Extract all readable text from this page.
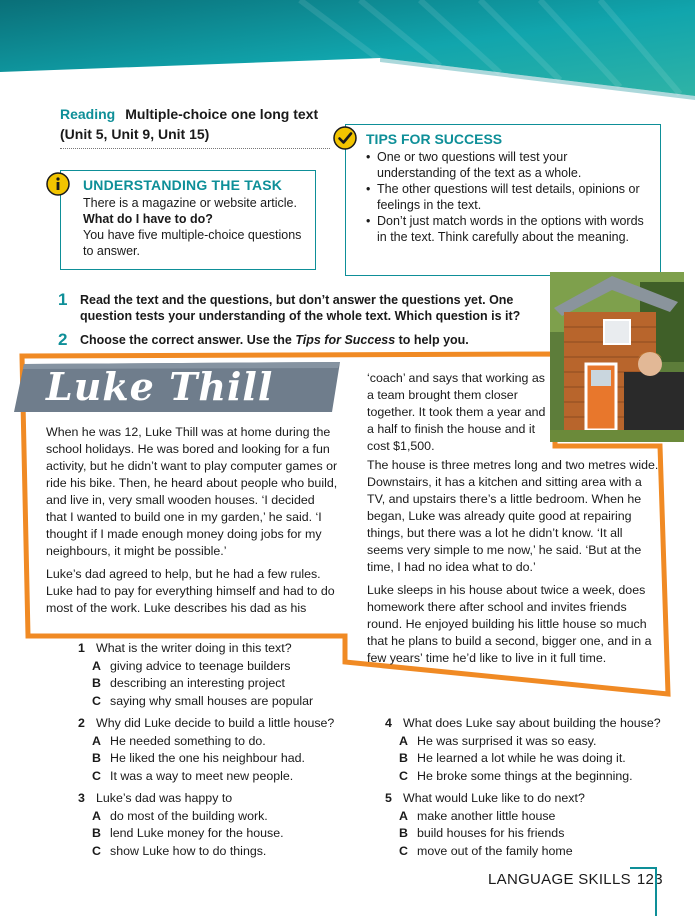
Reading Multiple-choice one long text
(Unit 5, Unit 9, Unit 15)
UNDERSTANDING THE TASK
There is a magazine or website article.
What do I have to do?
You have five multiple-choice questions to answer.
TIPS FOR SUCCESS
• One or two questions will test your understanding of the text as a whole.
• The other questions will test details, opinions or feelings in the text.
• Don’t just match words in the options with words in the text. Think carefully about the meaning.
1	Read the text and the questions, but don’t answer the questions yet. One question tests your understanding of the whole text. Which question is it?
2	Choose the correct answer. Use the Tips for Success to help you.
Luke Thill

When he was 12, Luke Thill was at home during the school holidays. He was bored and looking for a fun activity, but he didn’t want to play computer games or ride his bike. Then, he heard about people who build, and live in, very small wooden houses. ‘I decided that I wanted to build one in my garden,’ he said. ‘I thought if I made enough money doing jobs for my neighbours, it might be possible.’

Luke’s dad agreed to help, but he had a few rules. Luke had to pay for everything himself and had to do most of the work. Luke describes his dad as his

‘coach’ and says that working as a team brought them closer together. It took them a year and a half to finish the house and it cost $1,500.

The house is three metres long and two metres wide. Downstairs, it has a kitchen and sitting area with a TV, and upstairs there’s a little bedroom. When he began, Luke was already quite good at repairing things, but there was a lot he didn’t know. ‘It all seems very simple to me now,’ he said. ‘But at the time, I had no idea what to do.’

Luke sleeps in his house about twice a week, does homework there after school and invites friends round. He enjoyed building his little house so much that he plans to build a second, bigger one, and in a few years’ time he’d like to live in it full time.

1 What is the writer doing in this text?
A giving advice to teenage builders
B describing an interesting project
C saying why small houses are popular
2 Why did Luke decide to build a little house?
A He needed something to do.
B He liked the one his neighbour had.
C It was a way to meet new people.
3 Luke’s dad was happy to
A do most of the building work.
B lend Luke money for the house.
C show Luke how to do things.
4 What does Luke say about building the house?
A He was surprised it was so easy.
B He learned a lot while he was doing it.
C He broke some things at the beginning.
5 What would Luke like to do next?
A make another little house
B build houses for his friends
C move out of the family home
LANGUAGE SKILLS 123
